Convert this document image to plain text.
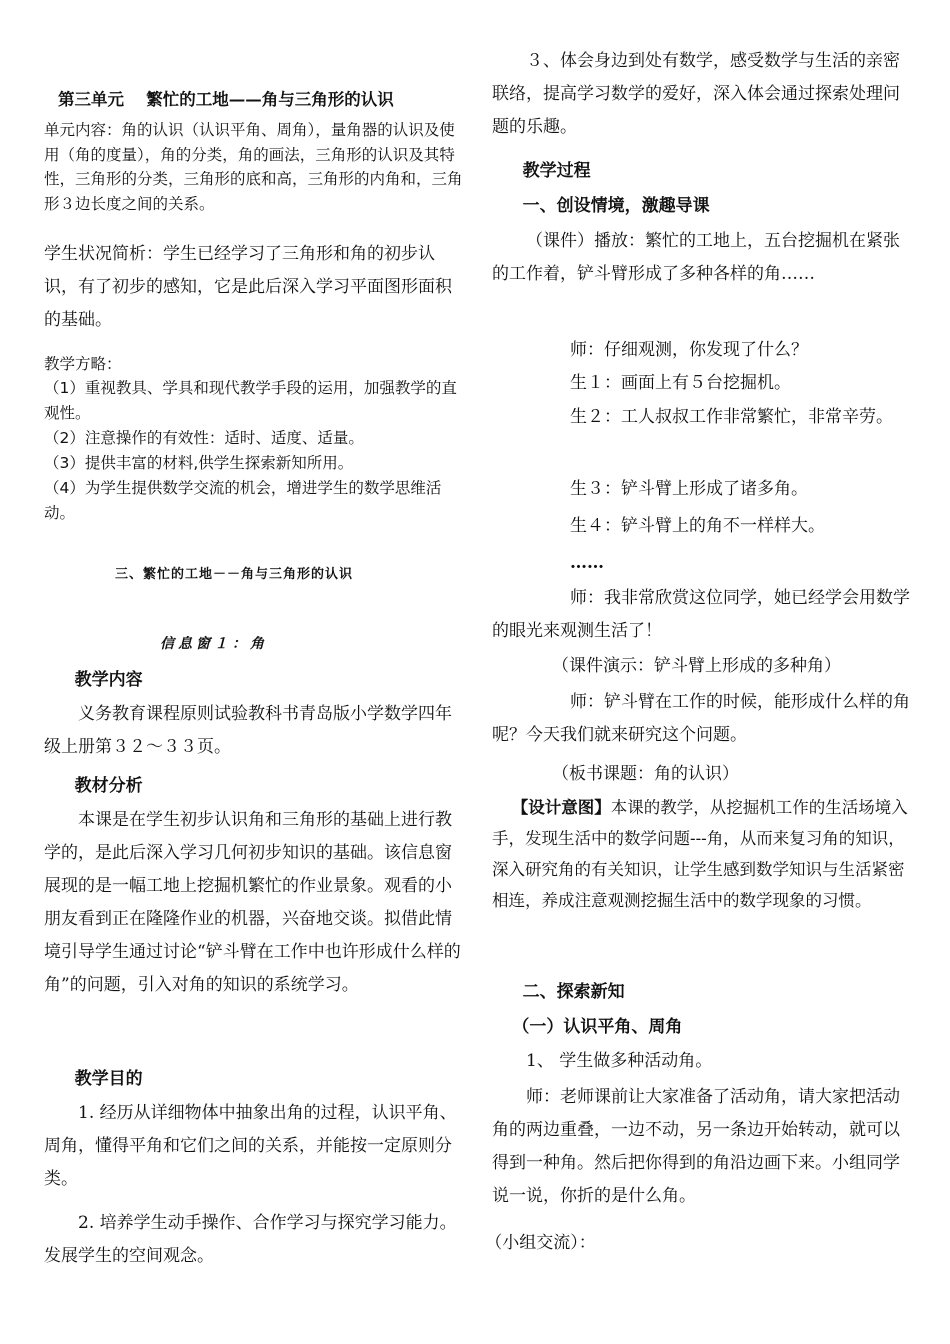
第三单元　 繁忙的工地——角与三角形的认识

单元内容：角的认识（认识平角、周角），量角器的认识及使用（角的度量），角的分类，角的画法，三角形的认识及其特性，三角形的分类，三角形的底和高，三角形的内角和，三角形３边长度之间的关系。

学生状况简析：学生已经学习了三角形和角的初步认识，有了初步的感知，它是此后深入学习平面图形面积的基础。

教学方略：

（1）重视教具、学具和现代教学手段的运用，加强教学的直观性。

（2）注意操作的有效性：适时、适度、适量。

（3）提供丰富的材料,供学生探索新知所用。

（4）为学生提供数学交流的机会，增进学生的数学思维活动。

三、繁忙的工地－－角与三角形的认识

信息窗１：角

教学内容

义务教育课程原则试验教科书青岛版小学数学四年级上册第３２～３３页。

教材分析

本课是在学生初步认识角和三角形的基础上进行教学的，是此后深入学习几何初步知识的基础。该信息窗展现的是一幅工地上挖掘机繁忙的作业景象。观看的小朋友看到正在隆隆作业的机器，兴奋地交谈。拟借此情境引导学生通过讨论“铲斗臂在工作中也许形成什么样的角”的问题，引入对角的知识的系统学习。

教学目的

1. 经历从详细物体中抽象出角的过程，认识平角、周角，懂得平角和它们之间的关系，并能按一定原则分类。

2. 培养学生动手操作、合作学习与探究学习能力。发展学生的空间观念。

３、体会身边到处有数学，感受数学与生活的亲密联络，提高学习数学的爱好，深入体会通过探索处理问题的乐趣。

教学过程

一、创设情境，激趣导课

（课件）播放：繁忙的工地上，五台挖掘机在紧张的工作着，铲斗臂形成了多种各样的角……

师：仔细观测，你发现了什么？

生１：画面上有５台挖掘机。

生２：工人叔叔工作非常繁忙，非常辛劳。

生３：铲斗臂上形成了诸多角。

生４：铲斗臂上的角不一样样大。

……

师：我非常欣赏这位同学，她已经学会用数学的眼光来观测生活了！

（课件演示：铲斗臂上形成的多种角）

师：铲斗臂在工作的时候，能形成什么样的角呢？今天我们就来研究这个问题。

（板书课题：角的认识）

【设计意图】本课的教学，从挖掘机工作的生活场境入手，发现生活中的数学问题---角，从而来复习角的知识，深入研究角的有关知识，让学生感到数学知识与生活紧密相连，养成注意观测挖掘生活中的数学现象的习惯。

二、探索新知

（一）认识平角、周角

1、 学生做多种活动角。

师：老师课前让大家准备了活动角，请大家把活动角的两边重叠，一边不动，另一条边开始转动，就可以得到一种角。然后把你得到的角沿边画下来。小组同学说一说，你折的是什么角。

（小组交流）：
